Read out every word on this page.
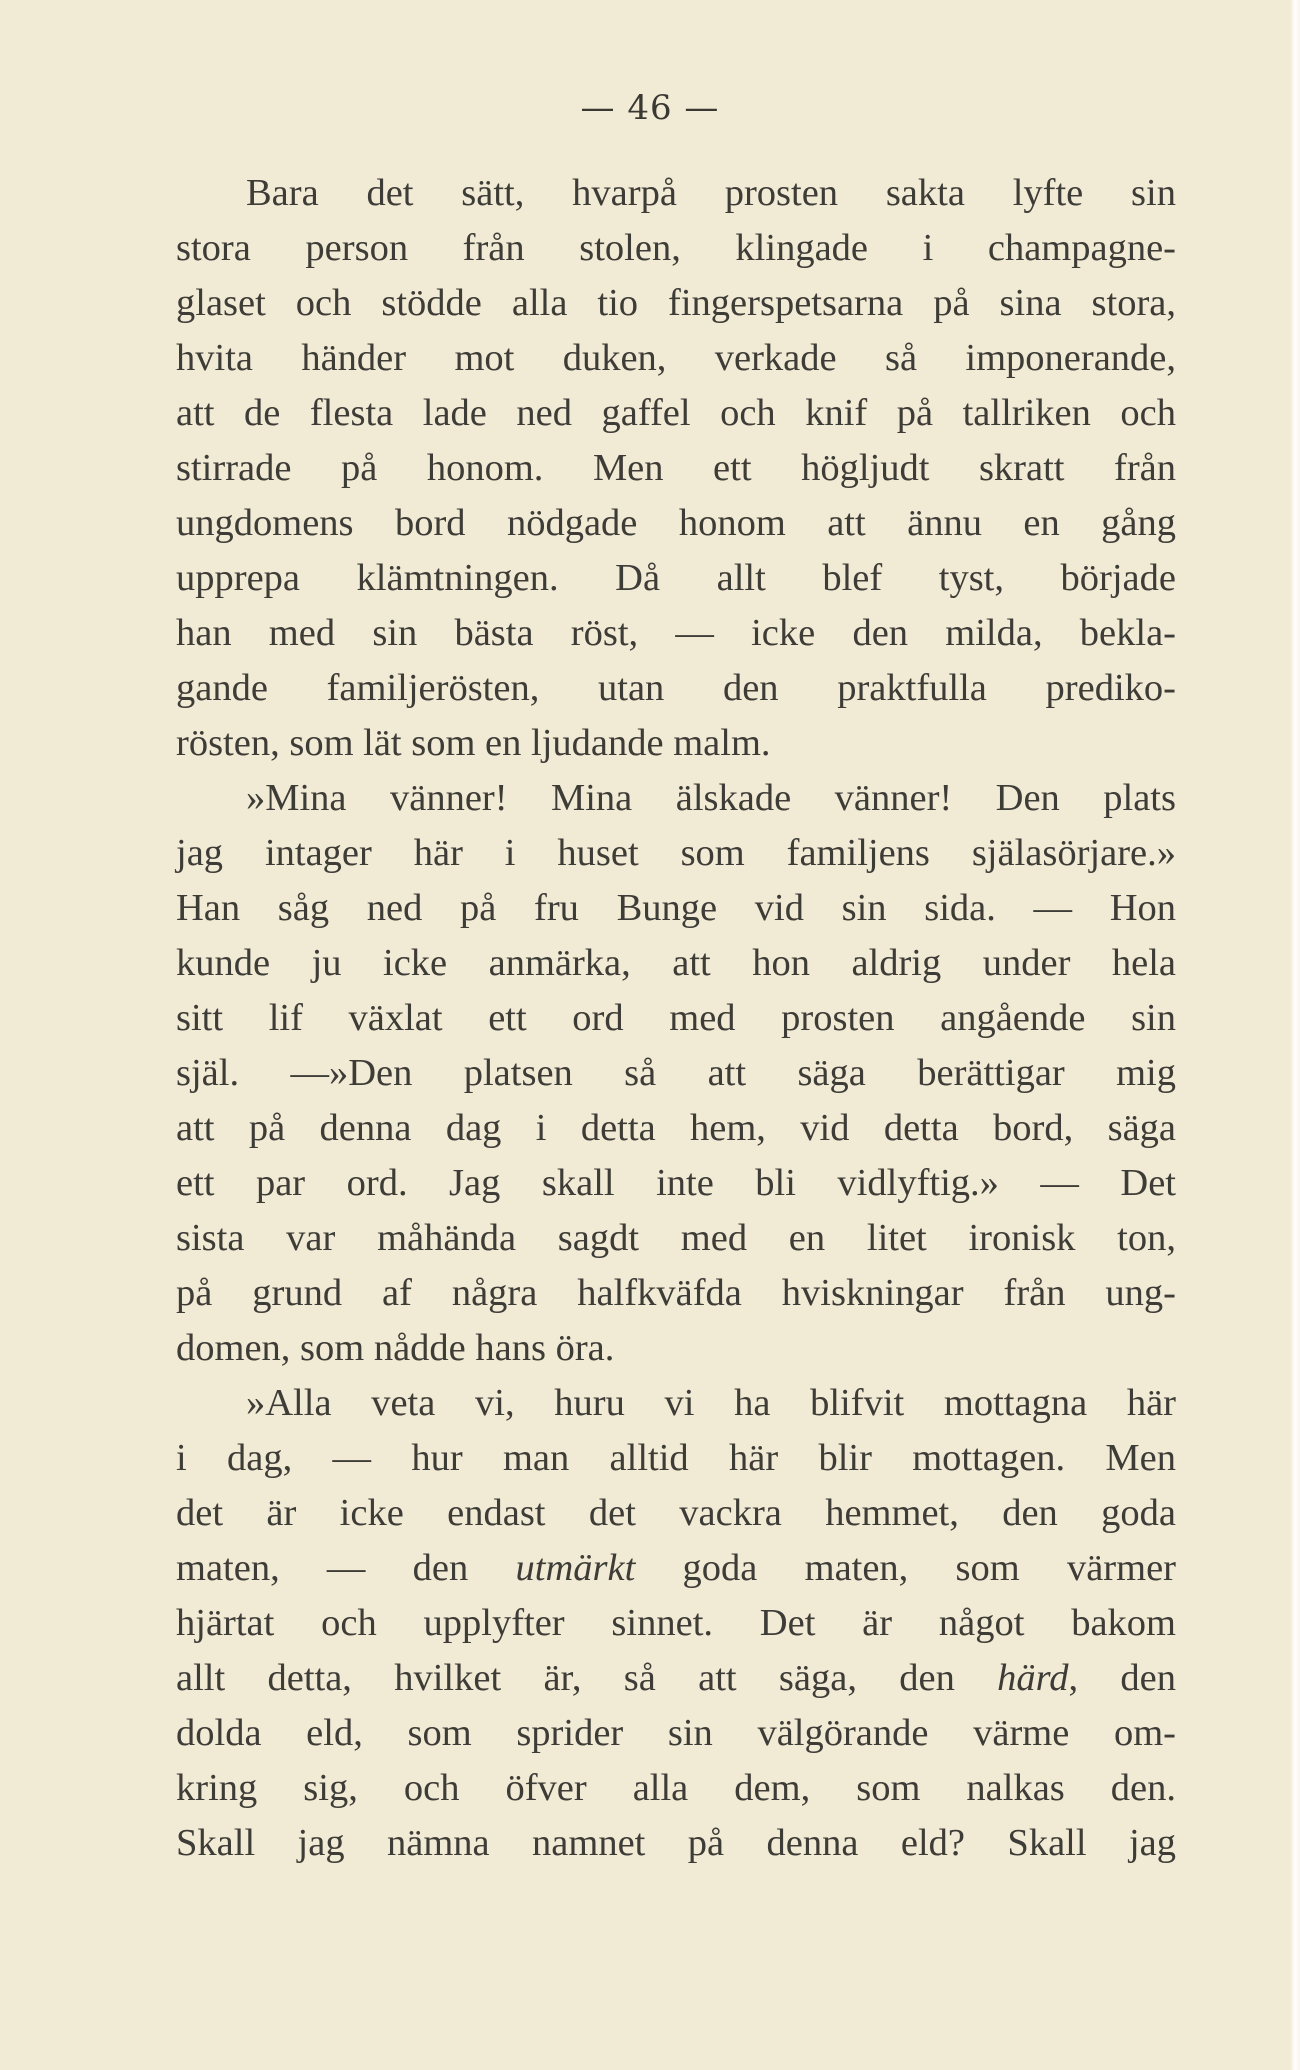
— 46 —
Bara det sätt, hvarpå prosten sakta lyfte sin
stora person från stolen, klingade i champagne-
glaset och stödde alla tio fingerspetsarna på sina stora,
hvita händer mot duken, verkade så imponerande,
att de flesta lade ned gaffel och knif på tallriken och
stirrade på honom. Men ett högljudt skratt från
ungdomens bord nödgade honom att ännu en gång
upprepa klämtningen. Då allt blef tyst, började
han med sin bästa röst, — icke den milda, bekla-
gande familjerösten, utan den praktfulla prediko-
rösten, som lät som en ljudande malm.
»Mina vänner! Mina älskade vänner! Den plats
jag intager här i huset som familjens själasörjare.»
Han såg ned på fru Bunge vid sin sida. — Hon
kunde ju icke anmärka, att hon aldrig under hela
sitt lif växlat ett ord med prosten angående sin
själ. —»Den platsen så att säga berättigar mig
att på denna dag i detta hem, vid detta bord, säga
ett par ord. Jag skall inte bli vidlyftig.» — Det
sista var måhända sagdt med en litet ironisk ton,
på grund af några halfkväfda hviskningar från ung-
domen, som nådde hans öra.
»Alla veta vi, huru vi ha blifvit mottagna här
i dag, — hur man alltid här blir mottagen. Men
det är icke endast det vackra hemmet, den goda
maten, — den utmärkt goda maten, som värmer
hjärtat och upplyfter sinnet. Det är något bakom
allt detta, hvilket är, så att säga, den härd, den
dolda eld, som sprider sin välgörande värme om-
kring sig, och öfver alla dem, som nalkas den.
Skall jag nämna namnet på denna eld? Skall jag
